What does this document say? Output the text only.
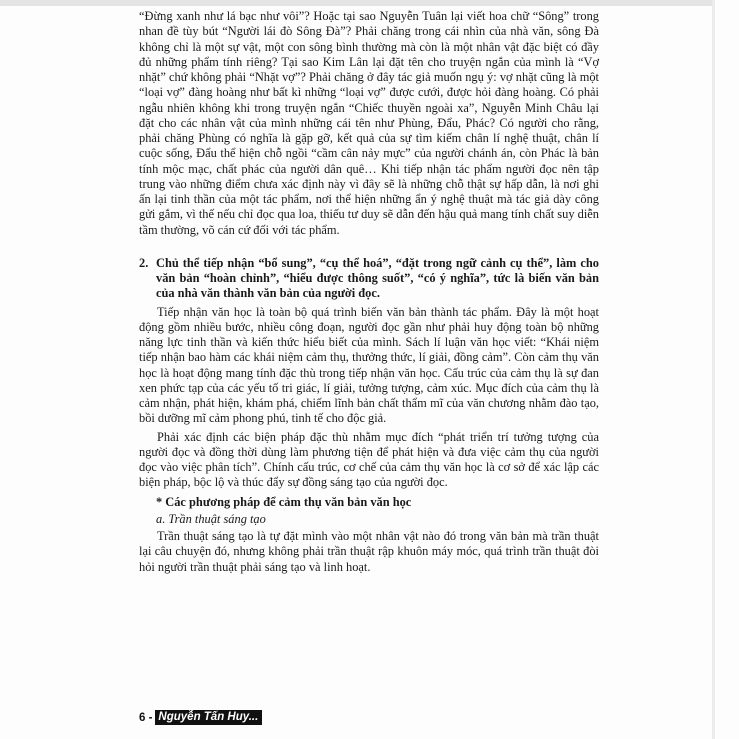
“Đừng xanh như lá bạc như vôi”? Hoặc tại sao Nguyễn Tuân lại viết hoa chữ “Sông” trong nhan đề tùy bút “Người lái đò Sông Đà”? Phải chăng trong cái nhìn của nhà văn, sông Đà không chỉ là một sự vật, một con sông bình thường mà còn là một nhân vật đặc biệt có đầy đủ những phẩm tính riêng? Tại sao Kim Lân lại đặt tên cho truyện ngắn của mình là “Vợ nhặt” chứ không phải “Nhặt vợ”? Phải chăng ở đây tác giả muốn ngụ ý: vợ nhặt cũng là một “loại vợ” đàng hoàng như bất kì những “loại vợ” được cưới, được hỏi đàng hoàng. Có phải ngẫu nhiên không khi trong truyện ngắn “Chiếc thuyền ngoài xa”, Nguyễn Minh Châu lại đặt cho các nhân vật của mình những cái tên như Phùng, Đẩu, Phác? Có người cho rằng, phải chăng Phùng có nghĩa là gặp gỡ, kết quả của sự tìm kiếm chân lí nghệ thuật, chân lí cuộc sống, Đẩu thể hiện chỗ ngồi “cầm cân nảy mực” của người chánh án, còn Phác là bản tính mộc mạc, chất phác của người dân quê… Khi tiếp nhận tác phẩm người đọc nên tập trung vào những điểm chưa xác định này vì đây sẽ là những chỗ thật sự hấp dẫn, là nơi ghi ấn lại tinh thần của một tác phẩm, nơi thể hiện những ẩn ý nghệ thuật mà tác giả dày công gửi gắm, vì thế nếu chỉ đọc qua loa, thiếu tư duy sẽ dẫn đến hậu quả mang tính chất suy diễn tầm thường, võ cán cứ đối với tác phẩm.

2. Chủ thể tiếp nhận “bổ sung”, “cụ thể hoá”, “đặt trong ngữ cảnh cụ thể”, làm cho văn bản “hoàn chỉnh”, “hiểu được thông suốt”, “có ý nghĩa”, tức là biến văn bản của nhà văn thành văn bản của người đọc.

Tiếp nhận văn học là toàn bộ quá trình biến văn bản thành tác phẩm. Đây là một hoạt động gồm nhiều bước, nhiều công đoạn, người đọc gần như phải huy động toàn bộ những năng lực tinh thần và kiến thức hiểu biết của mình. Sách lí luận văn học viết: “Khái niệm tiếp nhận bao hàm các khái niệm cảm thụ, thưởng thức, lí giải, đồng cảm”. Còn cảm thụ văn học là hoạt động mang tính đặc thù trong tiếp nhận văn học. Cấu trúc của cảm thụ là sự đan xen phức tạp của các yếu tố tri giác, lí giải, tưởng tượng, cảm xúc. Mục đích của cảm thụ là cảm nhận, phát hiện, khám phá, chiếm lĩnh bản chất thẩm mĩ của văn chương nhằm đào tạo, bồi dưỡng mĩ cảm phong phú, tinh tế cho độc giả.

Phải xác định các biện pháp đặc thù nhằm mục đích “phát triển trí tưởng tượng của người đọc và đồng thời dùng làm phương tiện để phát hiện và đưa việc cảm thụ của người đọc vào việc phân tích”. Chính cấu trúc, cơ chế của cảm thụ văn học là cơ sở để xác lập các biện pháp, bộc lộ và thúc đẩy sự đồng sáng tạo của người đọc.

* Các phương pháp để cảm thụ văn bản văn học
a. Trần thuật sáng tạo

Trần thuật sáng tạo là tự đặt mình vào một nhân vật nào đó trong văn bản mà trần thuật lại câu chuyện đó, nhưng không phải trần thuật rập khuôn máy móc, quá trình trần thuật đòi hỏi người trần thuật phải sáng tạo và linh hoạt.

6 - Nguyễn Tấn Huy...
